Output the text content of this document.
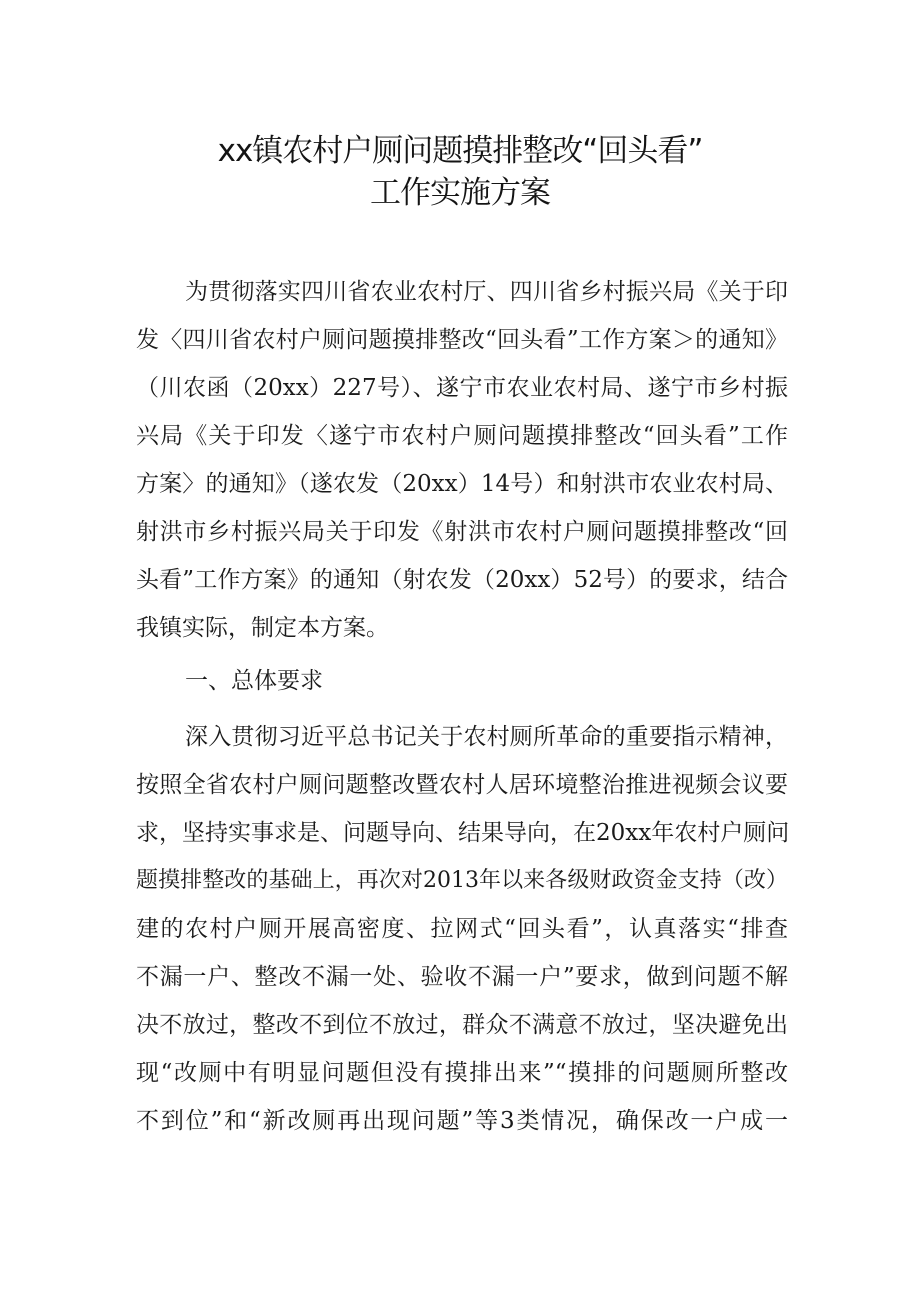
xx镇农村户厕问题摸排整改“回头看”
工作实施方案
为贯彻落实四川省农业农村厅、四川省乡村振兴局《关于印
发〈四川省农村户厕问题摸排整改“回头看”工作方案＞的通知》
（川农函（20xx）227号）、遂宁市农业农村局、遂宁市乡村振
兴局《关于印发〈遂宁市农村户厕问题摸排整改“回头看”工作
方案〉的通知》（遂农发（20xx）14号）和射洪市农业农村局、
射洪市乡村振兴局关于印发《射洪市农村户厕问题摸排整改“回
头看”工作方案》的通知（射农发（20xx）52号）的要求，结合
我镇实际，制定本方案。
一、总体要求
深入贯彻习近平总书记关于农村厕所革命的重要指示精神，
按照全省农村户厕问题整改暨农村人居环境整治推进视频会议要
求，坚持实事求是、问题导向、结果导向，在20xx年农村户厕问
题摸排整改的基础上，再次对2013年以来各级财政资金支持（改）
建的农村户厕开展高密度、拉网式“回头看”，认真落实“排查
不漏一户、整改不漏一处、验收不漏一户”要求，做到问题不解
决不放过，整改不到位不放过，群众不满意不放过，坚决避免出
现“改厕中有明显问题但没有摸排出来”“摸排的问题厕所整改
不到位”和“新改厕再出现问题”等3类情况，确保改一户成一
